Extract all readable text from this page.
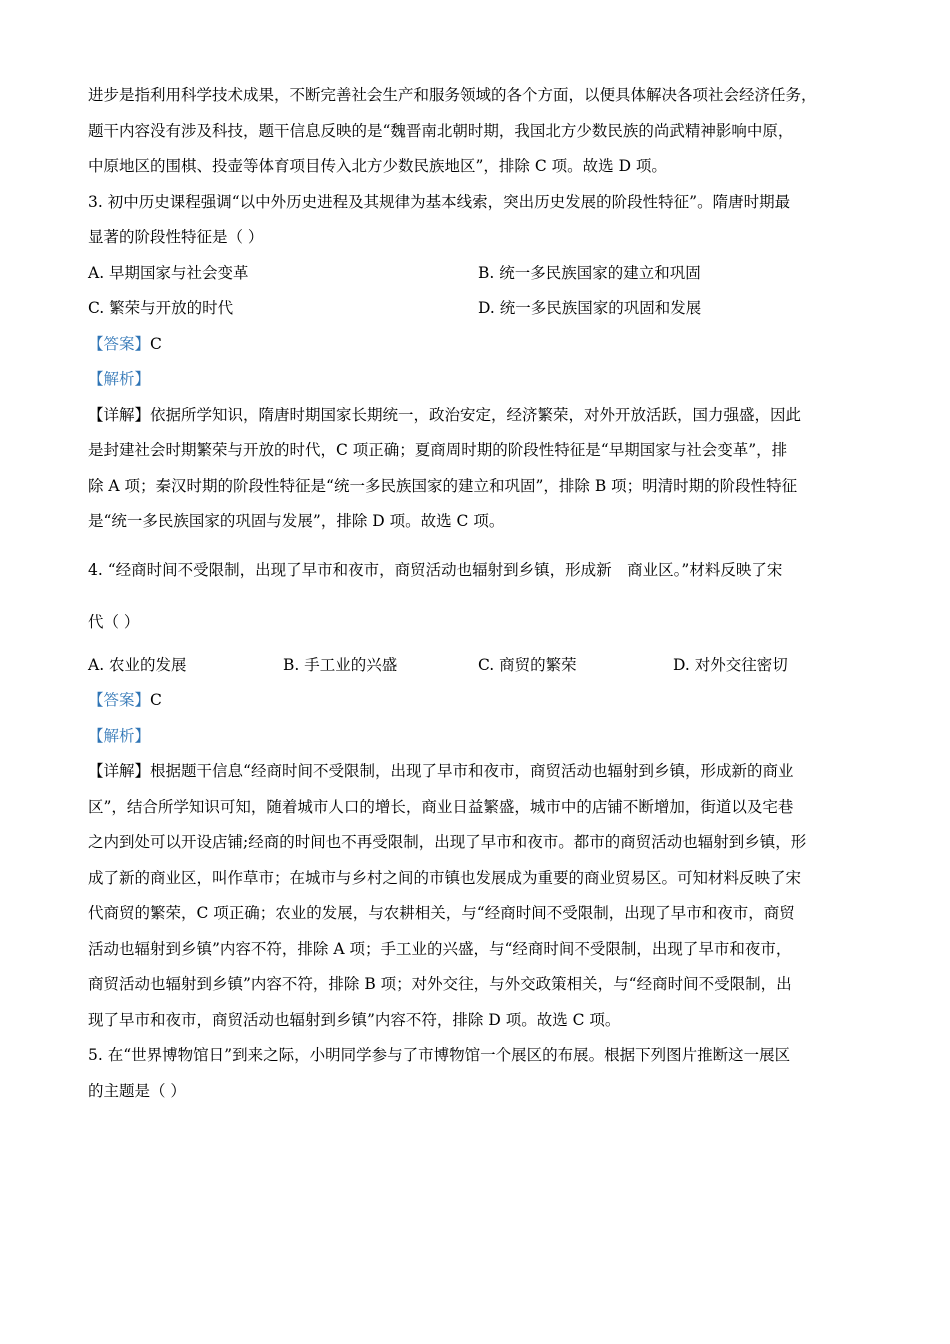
进步是指利用科学技术成果，不断完善社会生产和服务领域的各个方面，以便具体解决各项社会经济任务，

题干内容没有涉及科技，题干信息反映的是“魏晋南北朝时期，我国北方少数民族的尚武精神影响中原，

中原地区的围棋、投壶等体育项目传入北方少数民族地区”，排除 C 项。故选 D 项。

3. 初中历史课程强调“以中外历史进程及其规律为基本线索，突出历史发展的阶段性特征”。隋唐时期最

显著的阶段性特征是（ ）

A. 早期国家与社会变革	B. 统一多民族国家的建立和巩固
C. 繁荣与开放的时代	D. 统一多民族国家的巩固和发展

【答案】C

【解析】

【详解】依据所学知识，隋唐时期国家长期统一，政治安定，经济繁荣，对外开放活跃，国力强盛，因此

是封建社会时期繁荣与开放的时代，C 项正确；夏商周时期的阶段性特征是“早期国家与社会变革”，排

除 A 项；秦汉时期的阶段性特征是“统一多民族国家的建立和巩固”，排除 B 项；明清时期的阶段性特征

是“统一多民族国家的巩固与发展”，排除 D 项。故选 C 项。

4. “经商时间不受限制，出现了早市和夜市，商贸活动也辐射到乡镇，形成新　商业区。”材料反映了宋

代（ ）

A. 农业的发展	B. 手工业的兴盛	C. 商贸的繁荣	D. 对外交往密切

【答案】C

【解析】

【详解】根据题干信息“经商时间不受限制，出现了早市和夜市，商贸活动也辐射到乡镇，形成新的商业

区”，结合所学知识可知，随着城市人口的增长，商业日益繁盛，城市中的店铺不断增加，街道以及宅巷

之内到处可以开设店铺;经商的时间也不再受限制，出现了早市和夜市。都市的商贸活动也辐射到乡镇，形

成了新的商业区，叫作草市；在城市与乡村之间的市镇也发展成为重要的商业贸易区。可知材料反映了宋

代商贸的繁荣，C 项正确；农业的发展，与农耕相关，与“经商时间不受限制，出现了早市和夜市，商贸

活动也辐射到乡镇”内容不符，排除 A 项；手工业的兴盛，与“经商时间不受限制，出现了早市和夜市，

商贸活动也辐射到乡镇”内容不符，排除 B 项；对外交往，与外交政策相关，与“经商时间不受限制，出

现了早市和夜市，商贸活动也辐射到乡镇”内容不符，排除 D 项。故选 C 项。

5. 在“世界博物馆日”到来之际，小明同学参与了市博物馆一个展区的布展。根据下列图片推断这一展区

的主题是（ ）
